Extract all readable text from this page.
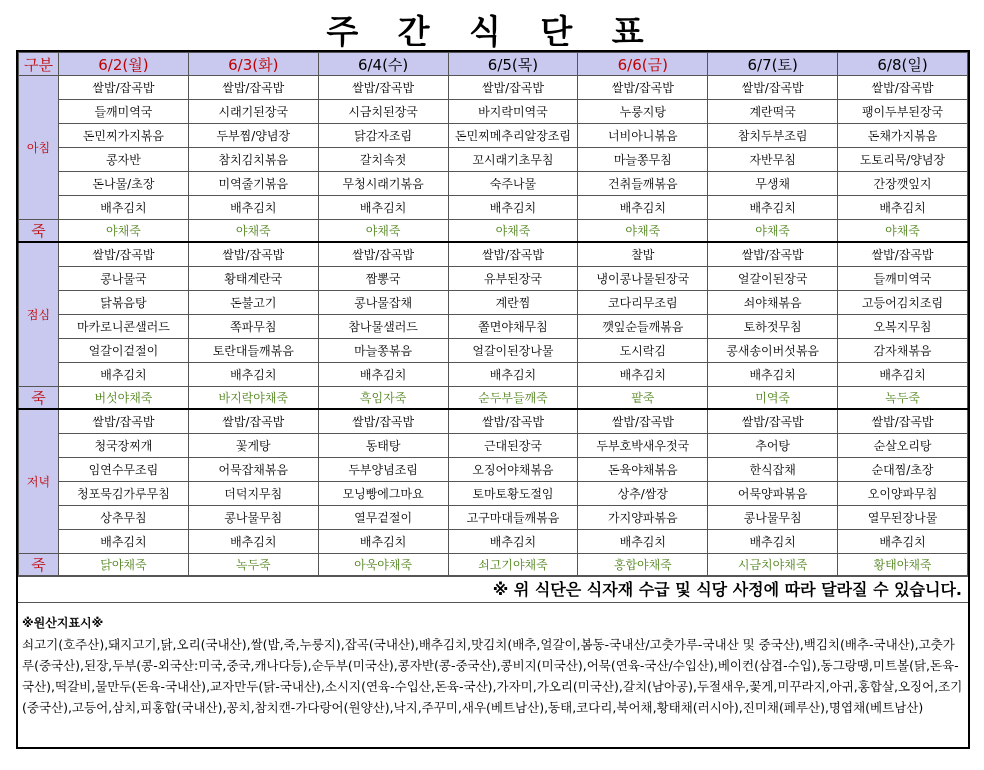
주 간 식 단 표
구분	6/2(월)	6/3(화)	6/4(수)	6/5(목)	6/6(금)	6/7(토)	6/8(일)
아침	쌀밥/잡곡밥	쌀밥/잡곡밥	쌀밥/잡곡밥	쌀밥/잡곡밥	쌀밥/잡곡밥	쌀밥/잡곡밥	쌀밥/잡곡밥
	들깨미역국	시래기된장국	시금치된장국	바지락미역국	누룽지탕	계란떡국	팽이두부된장국
	돈민찌가지볶음	두부찜/양념장	닭감자조림	돈민찌메추리알장조림	너비아니볶음	참치두부조림	돈채가지볶음
	콩자반	참치김치볶음	갈치속젓	꼬시래기초무침	마늘쫑무침	자반무침	도토리묵/양념장
	돈나물/초장	미역줄기볶음	무청시래기볶음	숙주나물	건취들깨볶음	무생채	간장깻잎지
	배추김치	배추김치	배추김치	배추김치	배추김치	배추김치	배추김치
죽	야채죽	야채죽	야채죽	야채죽	야채죽	야채죽	야채죽
점심	쌀밥/잡곡밥	쌀밥/잡곡밥	쌀밥/잡곡밥	쌀밥/잡곡밥	찰밥	쌀밥/잡곡밥	쌀밥/잡곡밥
	콩나물국	황태계란국	짬뽕국	유부된장국	냉이콩나물된장국	얼갈이된장국	들깨미역국
	닭볶음탕	돈불고기	콩나물잡채	계란찜	코다리무조림	쇠야채볶음	고등어김치조림
	마카로니콘샐러드	쪽파무침	참나물샐러드	쫄면야채무침	깻잎순들깨볶음	토하젓무침	오복지무침
	얼갈이겉절이	토란대들깨볶음	마늘쫑볶음	얼갈이된장나물	도시락김	콩새송이버섯볶음	감자채볶음
	배추김치	배추김치	배추김치	배추김치	배추김치	배추김치	배추김치
죽	버섯야채죽	바지락야채죽	흑임자죽	순두부들깨죽	팥죽	미역죽	녹두죽
저녁	쌀밥/잡곡밥	쌀밥/잡곡밥	쌀밥/잡곡밥	쌀밥/잡곡밥	쌀밥/잡곡밥	쌀밥/잡곡밥	쌀밥/잡곡밥
	청국장찌개	꽃게탕	동태탕	근대된장국	두부호박새우젓국	추어탕	순살오리탕
	임연수무조림	어묵잡채볶음	두부양념조림	오징어야채볶음	돈육야채볶음	한식잡채	순대찜/초장
	청포묵김가루무침	더덕지무침	모닝빵에그마요	토마토황도절임	상추/쌈장	어묵양파볶음	오이양파무침
	상추무침	콩나물무침	열무겉절이	고구마대들깨볶음	가지양파볶음	콩나물무침	열무된장나물
	배추김치	배추김치	배추김치	배추김치	배추김치	배추김치	배추김치
죽	닭야채죽	녹두죽	아욱야채죽	쇠고기야채죽	홍합야채죽	시금치야채죽	황태야채죽
※ 위 식단은 식자재 수급 및 식당 사정에 따라 달라질 수 있습니다.
※원산지표시※
쇠고기(호주산),돼지고기,닭,오리(국내산),쌀(밥,죽,누룽지),잡곡(국내산),배추김치,맛김치(배추,얼갈이,봄동-국내산/고춧가루-국내산 및 중국산),백김치(배추-국내산),고춧가루(중국산),된장,두부(콩-외국산:미국,중국,캐나다등),순두부(미국산),콩자반(콩-중국산),콩비지(미국산),어묵(연육-국산/수입산),베이컨(삼겹-수입),동그랑땡,미트볼(닭,돈육-국산),떡갈비,물만두(돈육-국내산),교자만두(닭-국내산),소시지(연육-수입산,돈육-국산),가자미,가오리(미국산),갈치(남아공),두절새우,꽃게,미꾸라지,아귀,홍합살,오징어,조기(중국산),고등어,삼치,피홍합(국내산),꽁치,참치캔-가다랑어(원양산),낙지,주꾸미,새우(베트남산),동태,코다리,북어채,황태채(러시아),진미채(페루산),명엽채(베트남산)
